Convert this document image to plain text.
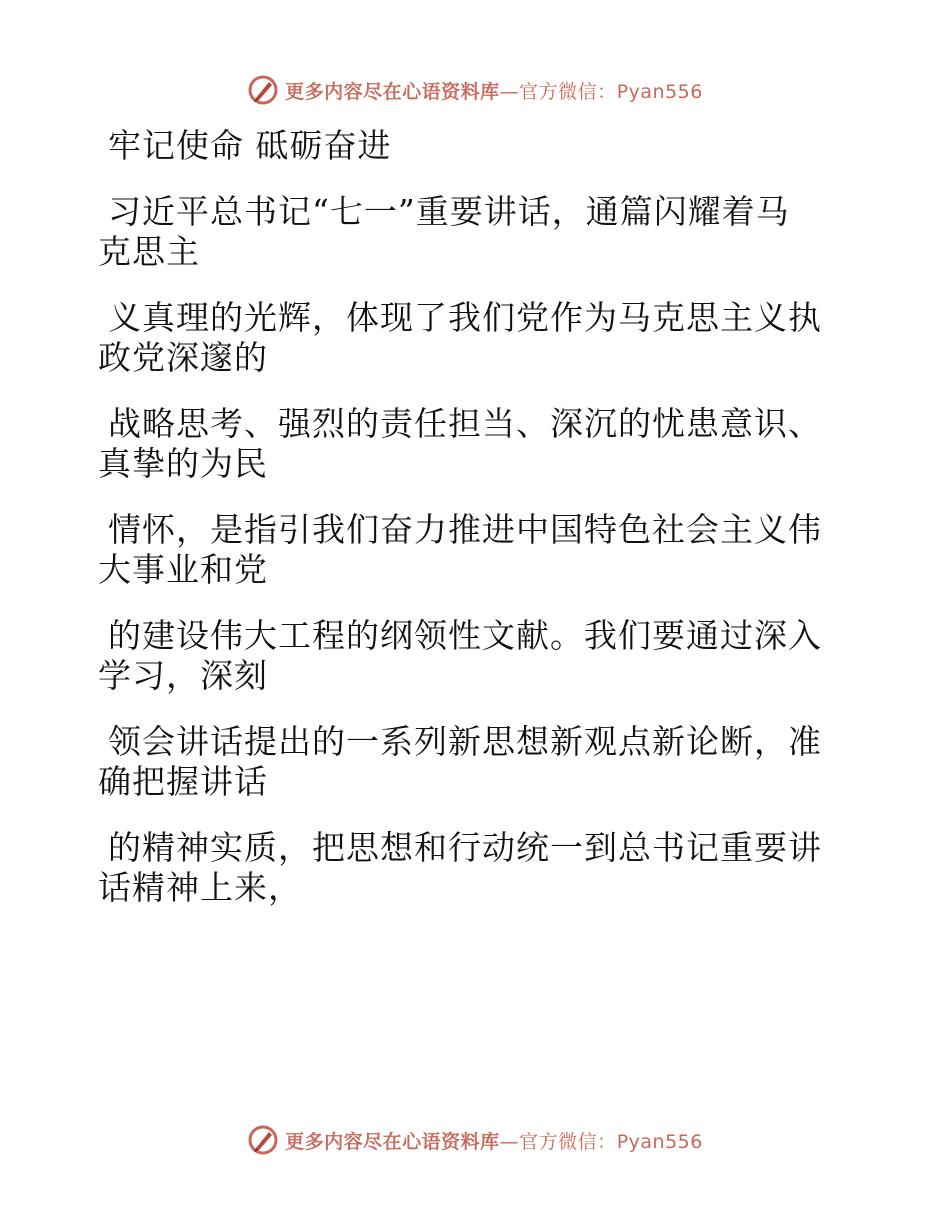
更多内容尽在心语资料库—官方微信：Pyan556
牢记使命 砥砺奋进
习近平总书记“七一”重要讲话，通篇闪耀着马
克思主
义真理的光辉，体现了我们党作为马克思主义执
政党深邃的
战略思考、强烈的责任担当、深沉的忧患意识、
真挚的为民
情怀，是指引我们奋力推进中国特色社会主义伟
大事业和党
的建设伟大工程的纲领性文献。我们要通过深入
学习，深刻
领会讲话提出的一系列新思想新观点新论断，准
确把握讲话
的精神实质，把思想和行动统一到总书记重要讲
话精神上来，
更多内容尽在心语资料库—官方微信：Pyan556
